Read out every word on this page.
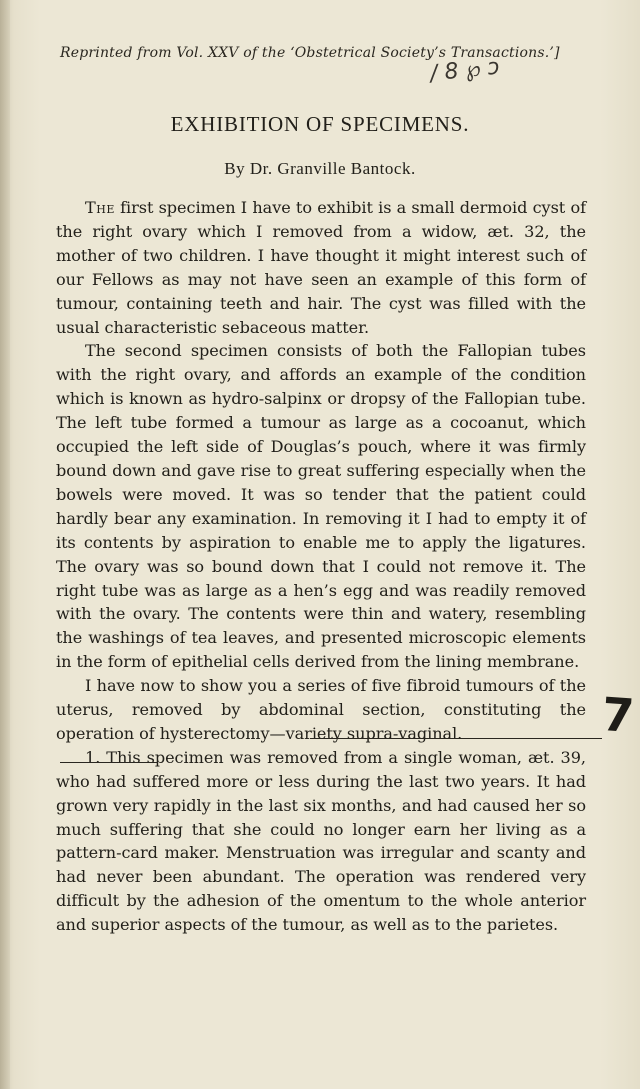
Reprinted from Vol. XXV of the ‘Obstetrical Society’s Transactions.’]
/ 8 ℘ ɔ
EXHIBITION OF SPECIMENS.
By Dr. Granville Bantock.

The first specimen I have to exhibit is a small dermoid cyst of the right ovary which I removed from a widow, æt. 32, the mother of two children. I have thought it might interest such of our Fellows as may not have seen an example of this form of tumour, containing teeth and hair. The cyst was filled with the usual characteristic sebaceous matter.

The second specimen consists of both the Fallopian tubes with the right ovary, and affords an example of the condition which is known as hydro-salpinx or dropsy of the Fallopian tube. The left tube formed a tumour as large as a cocoanut, which occupied the left side of Douglas’s pouch, where it was firmly bound down and gave rise to great suffering especially when the bowels were moved. It was so tender that the patient could hardly bear any examination. In removing it I had to empty it of its contents by aspiration to enable me to apply the ligatures. The ovary was so bound down that I could not remove it. The right tube was as large as a hen’s egg and was readily removed with the ovary. The contents were thin and watery, resembling the washings of tea leaves, and presented microscopic elements in the form of epithelial cells derived from the lining membrane.

I have now to show you a series of five fibroid tumours of the uterus, removed by abdominal section, constituting the operation of hysterectomy—variety supra-vaginal.

1. This specimen was removed from a single woman, æt. 39, who had suffered more or less during the last two years. It had grown very rapidly in the last six months, and had caused her so much suffering that she could no longer earn her living as a pattern-card maker. Menstruation was irregular and scanty and had never been abundant. The operation was rendered very difficult by the adhesion of the omentum to the whole anterior and superior aspects of the tumour, as well as to the parietes.

7
